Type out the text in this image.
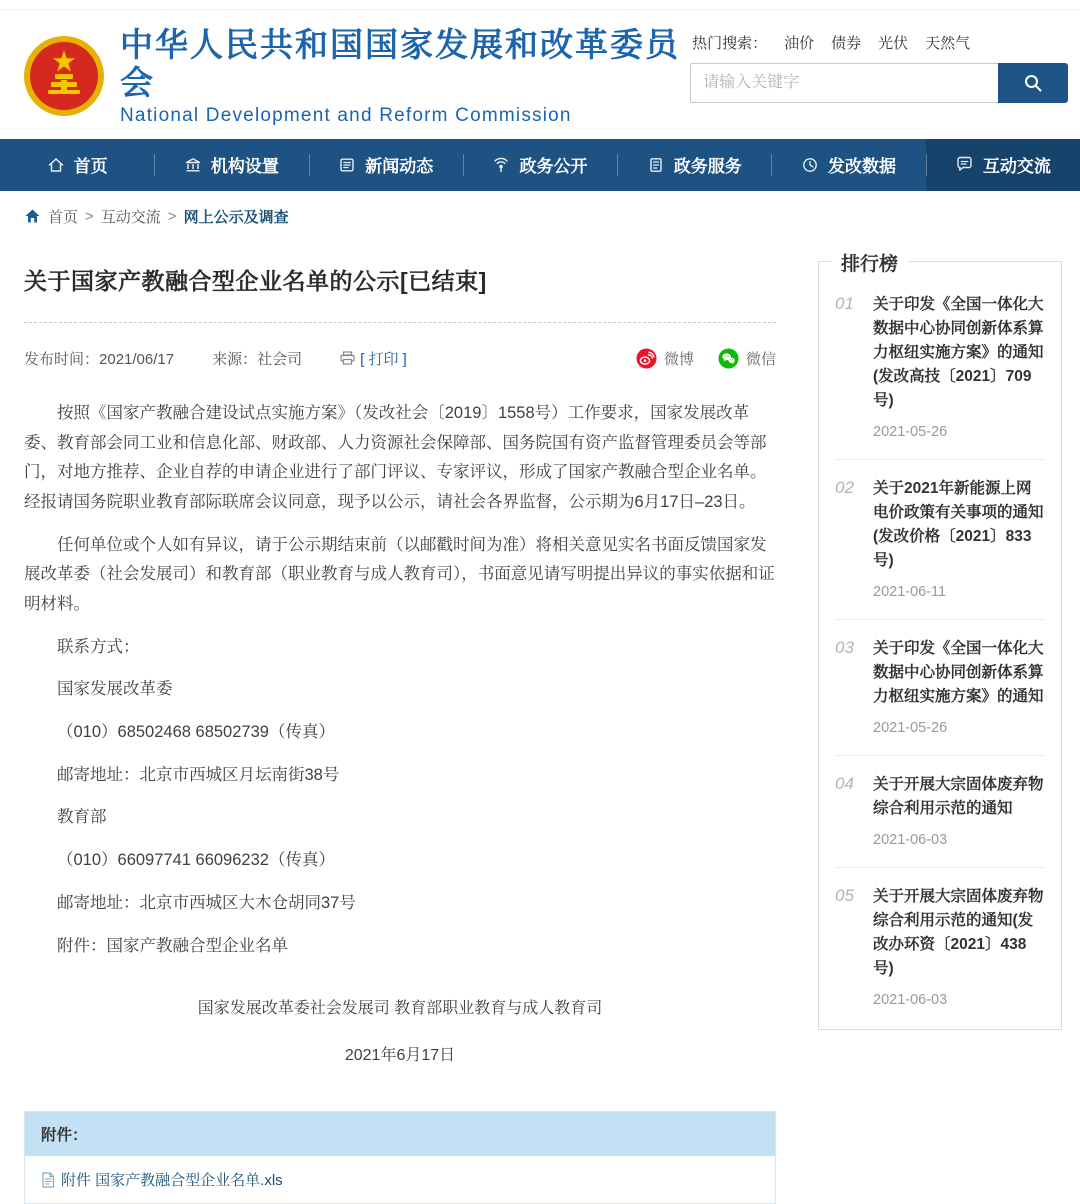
中华人民共和国国家发展和改革委员会
National Development and Reform Commission
热门搜索： 油价 债券 光伏 天然气
请输入关键字
首页	机构设置	新闻动态	政务公开	政务服务	发改数据	互动交流
首页 > 互动交流 > 网上公示及调查
关于国家产教融合型企业名单的公示[已结束]
发布时间：2021/06/17	来源：社会司	[ 打印 ]	微博	微信

按照《国家产教融合建设试点实施方案》（发改社会〔2019〕1558号）工作要求，国家发展改革委、教育部会同工业和信息化部、财政部、人力资源社会保障部、国务院国有资产监督管理委员会等部门，对地方推荐、企业自荐的申请企业进行了部门评议、专家评议，形成了国家产教融合型企业名单。经报请国务院职业教育部际联席会议同意，现予以公示，请社会各界监督，公示期为6月17日–23日。

任何单位或个人如有异议，请于公示期结束前（以邮戳时间为准）将相关意见实名书面反馈国家发展改革委（社会发展司）和教育部（职业教育与成人教育司），书面意见请写明提出异议的事实依据和证明材料。

联系方式：

国家发展改革委

（010）68502468 68502739（传真）

邮寄地址：北京市西城区月坛南街38号

教育部

（010）66097741 66096232（传真）

邮寄地址：北京市西城区大木仓胡同37号

附件：国家产教融合型企业名单

国家发展改革委社会发展司 教育部职业教育与成人教育司
2021年6月17日
附件：
附件 国家产教融合型企业名单.xls
排行榜
01	关于印发《全国一体化大数据中心协同创新体系算力枢纽实施方案》的通知(发改高技〔2021〕709号)
2021-05-26
02	关于2021年新能源上网电价政策有关事项的通知(发改价格〔2021〕833号)
2021-06-11
03	关于印发《全国一体化大数据中心协同创新体系算力枢纽实施方案》的通知
2021-05-26
04	关于开展大宗固体废弃物综合利用示范的通知
2021-06-03
05	关于开展大宗固体废弃物综合利用示范的通知(发改办环资〔2021〕438号)
2021-06-03
